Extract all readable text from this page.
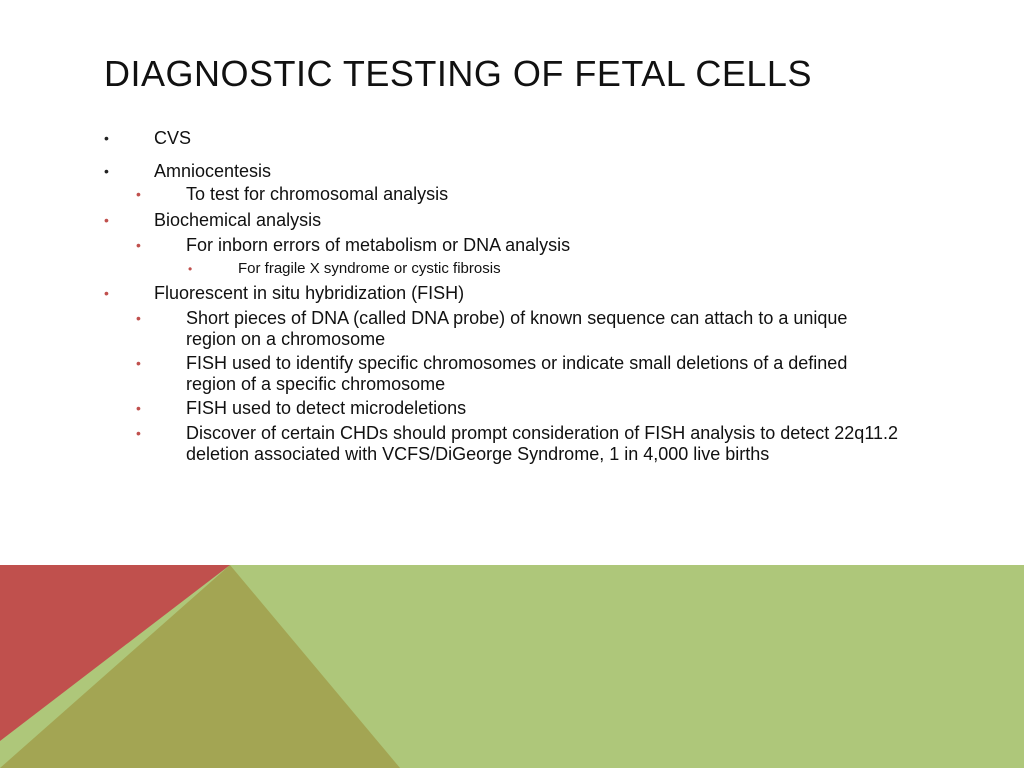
DIAGNOSTIC TESTING OF FETAL CELLS
•	CVS
•	Amniocentesis
•	To test for chromosomal analysis
•	Biochemical analysis
•	For inborn errors of metabolism or DNA analysis
•	For fragile X syndrome or cystic fibrosis
•	Fluorescent in situ hybridization (FISH)
•	Short pieces of DNA (called DNA probe) of known sequence can attach to a unique region on a chromosome
•	FISH used to identify specific chromosomes or indicate small deletions of a defined region of a specific chromosome
•	FISH used to detect microdeletions
•	Discover of certain CHDs should prompt consideration of FISH analysis to detect 22q11.2 deletion associated with VCFS/DiGeorge Syndrome, 1 in 4,000 live births
